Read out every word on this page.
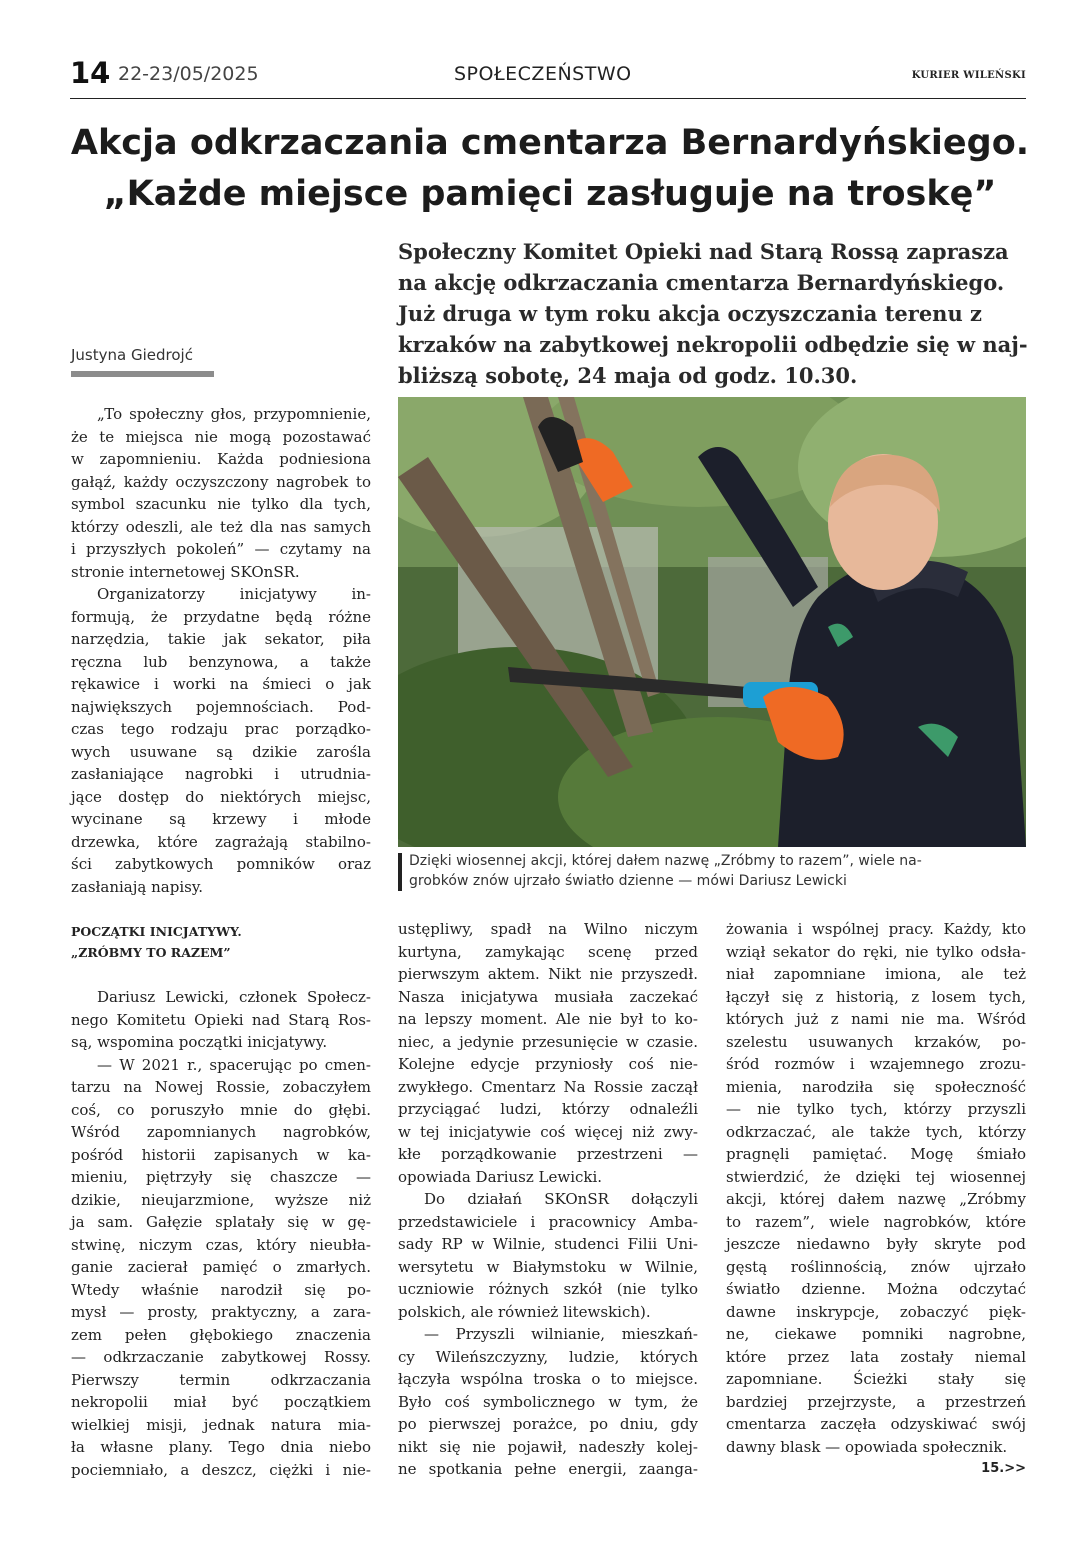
14 22-23/05/2025	SPOŁECZEŃSTWO	KURIER WILEŃSKI
Akcja odkrzaczania cmentarza Bernardyńskiego.
„Każde miejsce pamięci zasługuje na troskę”
Społeczny Komitet Opieki nad Starą Rossą zaprasza
na akcję odkrzaczania cmentarza Bernardyńskiego.
Już druga w tym roku akcja oczyszczania terenu z
krzaków na zabytkowej nekropolii odbędzie się w naj-
bliższą sobotę, 24 maja od godz. 10.30.
Justyna Giedrojć
Dzięki wiosennej akcji, której dałem nazwę „Zróbmy to razem”, wiele na-
grobków znów ujrzało światło dzienne — mówi Dariusz Lewicki
„To społeczny głos, przypomnienie,
że te miejsca nie mogą pozostawać
w zapomnieniu. Każda podniesiona
gałąź, każdy oczyszczony nagrobek to
symbol szacunku nie tylko dla tych,
którzy odeszli, ale też dla nas samych
i przyszłych pokoleń” — czytamy na
stronie internetowej SKOnSR.
Organizatorzy inicjatywy in-
formują, że przydatne będą różne
narzędzia, takie jak sekator, piła
ręczna lub benzynowa, a także
rękawice i worki na śmieci o jak
największych pojemnościach. Pod-
czas tego rodzaju prac porządko-
wych usuwane są dzikie zarośla
zasłaniające nagrobki i utrudnia-
jące dostęp do niektórych miejsc,
wycinane są krzewy i młode
drzewka, które zagrażają stabilno-
ści zabytkowych pomników oraz
zasłaniają napisy.
POCZĄTKI INICJATYWY.
„ZRÓBMY TO RAZEM”
Dariusz Lewicki, członek Społecz-
nego Komitetu Opieki nad Starą Ros-
są, wspomina początki inicjatywy.
— W 2021 r., spacerując po cmen-
tarzu na Nowej Rossie, zobaczyłem
coś, co poruszyło mnie do głębi.
Wśród zapomnianych nagrobków,
pośród historii zapisanych w ka-
mieniu, piętrzyły się chaszcze —
dzikie, nieujarzmione, wyższe niż
ja sam. Gałęzie splatały się w gę-
stwinę, niczym czas, który nieubła-
ganie zacierał pamięć o zmarłych.
Wtedy właśnie narodził się po-
mysł — prosty, praktyczny, a zara-
zem pełen głębokiego znaczenia
— odkrzaczanie zabytkowej Rossy.
Pierwszy termin odkrzaczania
nekropolii miał być początkiem
wielkiej misji, jednak natura mia-
ła własne plany. Tego dnia niebo
pociemniało, a deszcz, ciężki i nie-
ustępliwy, spadł na Wilno niczym
kurtyna, zamykając scenę przed
pierwszym aktem. Nikt nie przyszedł.
Nasza inicjatywa musiała zaczekać
na lepszy moment. Ale nie był to ko-
niec, a jedynie przesunięcie w czasie.
Kolejne edycje przyniosły coś nie-
zwykłego. Cmentarz Na Rossie zaczął
przyciągać ludzi, którzy odnaleźli
w tej inicjatywie coś więcej niż zwy-
kłe porządkowanie przestrzeni —
opowiada Dariusz Lewicki.
Do działań SKOnSR dołączyli
przedstawiciele i pracownicy Amba-
sady RP w Wilnie, studenci Filii Uni-
wersytetu w Białymstoku w Wilnie,
uczniowie różnych szkół (nie tylko
polskich, ale również litewskich).
— Przyszli wilnianie, mieszkań-
cy Wileńszczyzny, ludzie, których
łączyła wspólna troska o to miejsce.
Było coś symbolicznego w tym, że
po pierwszej porażce, po dniu, gdy
nikt się nie pojawił, nadeszły kolej-
ne spotkania pełne energii, zaanga-
żowania i wspólnej pracy. Każdy, kto
wziął sekator do ręki, nie tylko odsła-
niał zapomniane imiona, ale też
łączył się z historią, z losem tych,
których już z nami nie ma. Wśród
szelestu usuwanych krzaków, po-
śród rozmów i wzajemnego zrozu-
mienia, narodziła się społeczność
— nie tylko tych, którzy przyszli
odkrzaczać, ale także tych, którzy
pragnęli pamiętać. Mogę śmiało
stwierdzić, że dzięki tej wiosennej
akcji, której dałem nazwę „Zróbmy
to razem”, wiele nagrobków, które
jeszcze niedawno były skryte pod
gęstą roślinnością, znów ujrzało
światło dzienne. Można odczytać
dawne inskrypcje, zobaczyć pięk-
ne, ciekawe pomniki nagrobne,
które przez lata zostały niemal
zapomniane. Ścieżki stały się
bardziej przejrzyste, a przestrzeń
cmentarza zaczęła odzyskiwać swój
dawny blask — opowiada społecznik.
15.>>
